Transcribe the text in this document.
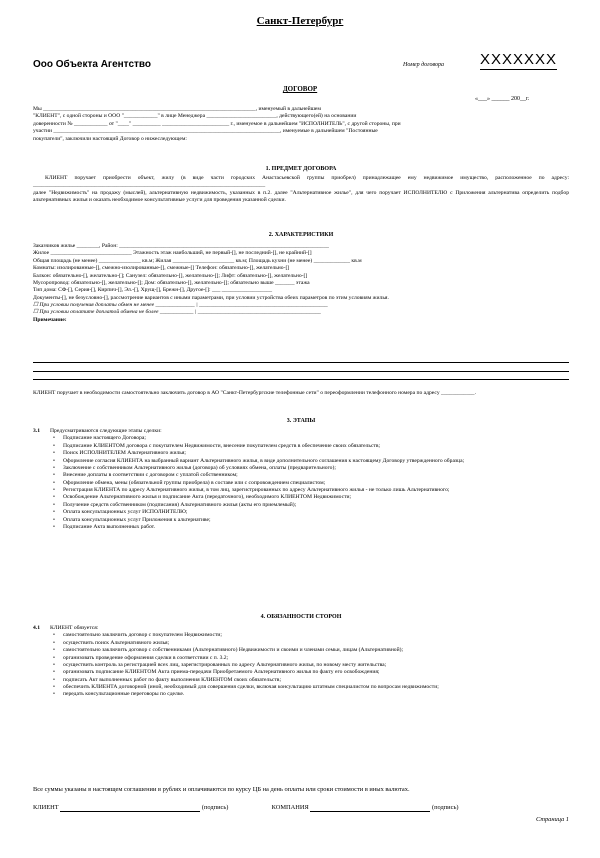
Санкт-Петербург
Ооо Объекта Агентство	Номер договора XXXXXXX
ДОГОВОР
«___» ______ 200__г.
Мы ____________________________________________________________________________, именуемый в дальнейшем
"КЛИЕНТ", с одной стороны и ООО "____________" в лице Менеджера _________________________, действующего(ей) на основании
доверенности № ____________ от "____" __________ ________________________ г., именуемое в дальнейшем "ИСПОЛНИТЕЛЬ", с другой стороны, при
участии _________________________________________________________________________________, именуемые в дальнейшем "Постоянные
покупатели", заключили настоящий Договор о нижеследующем:
1. ПРЕДМЕТ ДОГОВОРА
КЛИЕНТ поручает приобрести объект, жилу (в виде части городских Анастасьевской группы приобрел) принадлежащее ему недвижимое имущество, расположенное по адресу: ___________________________________________________________________________________
далее "Недвижимость" на продажу (мыслей), альтернативную недвижимость, указанных в п.2. далее "Альтернативное жилье", для чего поручает ИСПОЛНИТЕЛЮ с Приложения альтернатива определить подбор альтернативных жилья и оказать необходимое консультативные услуги для проведения указанной сделки.
2. ХАРАКТЕРИСТИКИ
Заказчиков жилье ________, Район: ___________________________________________________________________________
Жилое _____________________________ Этажность этаж наибольший, не первый-[], не последний-[], не крайний-[]
Общая площадь (не менее) _______________ кв.м; Жилая ______________________ кв.м; Площадь кухни (не менее) _____________ кв.м
Комнаты: изолированные-[], смежно-изолированные-[], смежные-[] Телефон: обязательно-[], желательно-[]
Балкон: обязательно-[], желательно-[]; Санузел: обязательно-[], желательно-[]; Лифт: обязательно-[], желательно-[]
Мусоропровод: обязательно-[], желательно-[]; Дом: обязательно-[], желательно-[]; обязательно выше _______ этажа
Тип дома: СФ-[], Серия-[], Кирпич-[], Эл.-[], Хрущ-[], Брежн-[], Другое-[]: ___ __________________
Документы-[], не безусловно-[], рассмотрение вариантов с иными параметрами, при условии устройства обеих параметров по этим условиям жилья.
☐ При условии получения доплаты обмен не менее ______________ | ______________________________________________
☐ При условии оплатите доплатой обмена не более ____________ | ____________________________________________
Примечание:
КЛИЕНТ поручает в необходимости самостоятельно заключить договор в АО "Санкт-Петербургские телефонные сети" о переоформлении телефонного номера по адресу ____________.
3. ЭТАПЫ
3.1 Предусматриваются следующие этапы сделки:
• Подписание настоящего Договора;
• Подписание КЛИЕНТОМ договора с покупателем Недвижимости, внесение покупателем средств в обеспечение своих обязательств;
• Поиск ИСПОЛНИТЕЛЕМ Альтернативного жилья;
• Оформление согласия КЛИЕНТА на выбранный вариант Альтернативного жилья, в виде дополнительного соглашения к настоящему Договору утвержденного образца;
• Заключение с собственником Альтернативного жилья (договора) об условиях обмена, оплаты (предварительного);
• Внесение доплаты в соответствии с договором с уплатой собственником;
• Оформление обмена, мены (обязательной группы приобрела) в составе или с сопровождением специалистом;
• Регистрация КЛИЕНТА по адресу Альтернативного жилья, в том лиц, зарегистрированных по адресу Альтернативного жилья - не только лишь Альтернативного;
• Освобождение Альтернативного жилья и подписание Акта (передаточного), необходимого КЛИЕНТОМ Недвижимости;
• Получение средств собственником (подписания) Альтернативного жилья (акты его приемлемый);
• Оплата консультационных услуг ИСПОЛНИТЕЛЮ;
• Оплата консультационных услуг Приложения к альтернативе;
• Подписание Акта выполненных работ.
4. ОБЯЗАННОСТИ СТОРОН
4.1 КЛИЕНТ обязуется:
• самостоятельно заключить договор с покупателем Недвижимости;
• осуществить поиск Альтернативного жилья;
• самостоятельно заключить договор с собственниками (Альтернативного) Недвижимости и своими и членами семьи, лицам (Альтернативной);
• организовать проведение оформления сделки в соответствии с п. 3.2;
• осуществить контроль за регистрацией всех лиц, зарегистрированных по адресу Альтернативного жилья, по новому месту жительства;
• организовать подписание КЛИЕНТОМ Акта приема-передачи Приобретаемого Альтернативного жилья по факту его освобождения;
• подписать Акт выполненных работ по факту выполнения КЛИЕНТОМ своих обязательств;
• обеспечить КЛИЕНТА договорной (иной, необходимый для совершения сделки, включая консультацию штатным специалистом по вопросам недвижимости;
• передать консультационные переговоры по сделке.
Все суммы указаны в настоящем соглашении в рублях и оплачиваются по курсу ЦБ на день оплаты или сроки стоимости в иных валютах.
КЛИЕНТ	(подпись)	КОМПАНИЯ	(подпись)
Страница 1
